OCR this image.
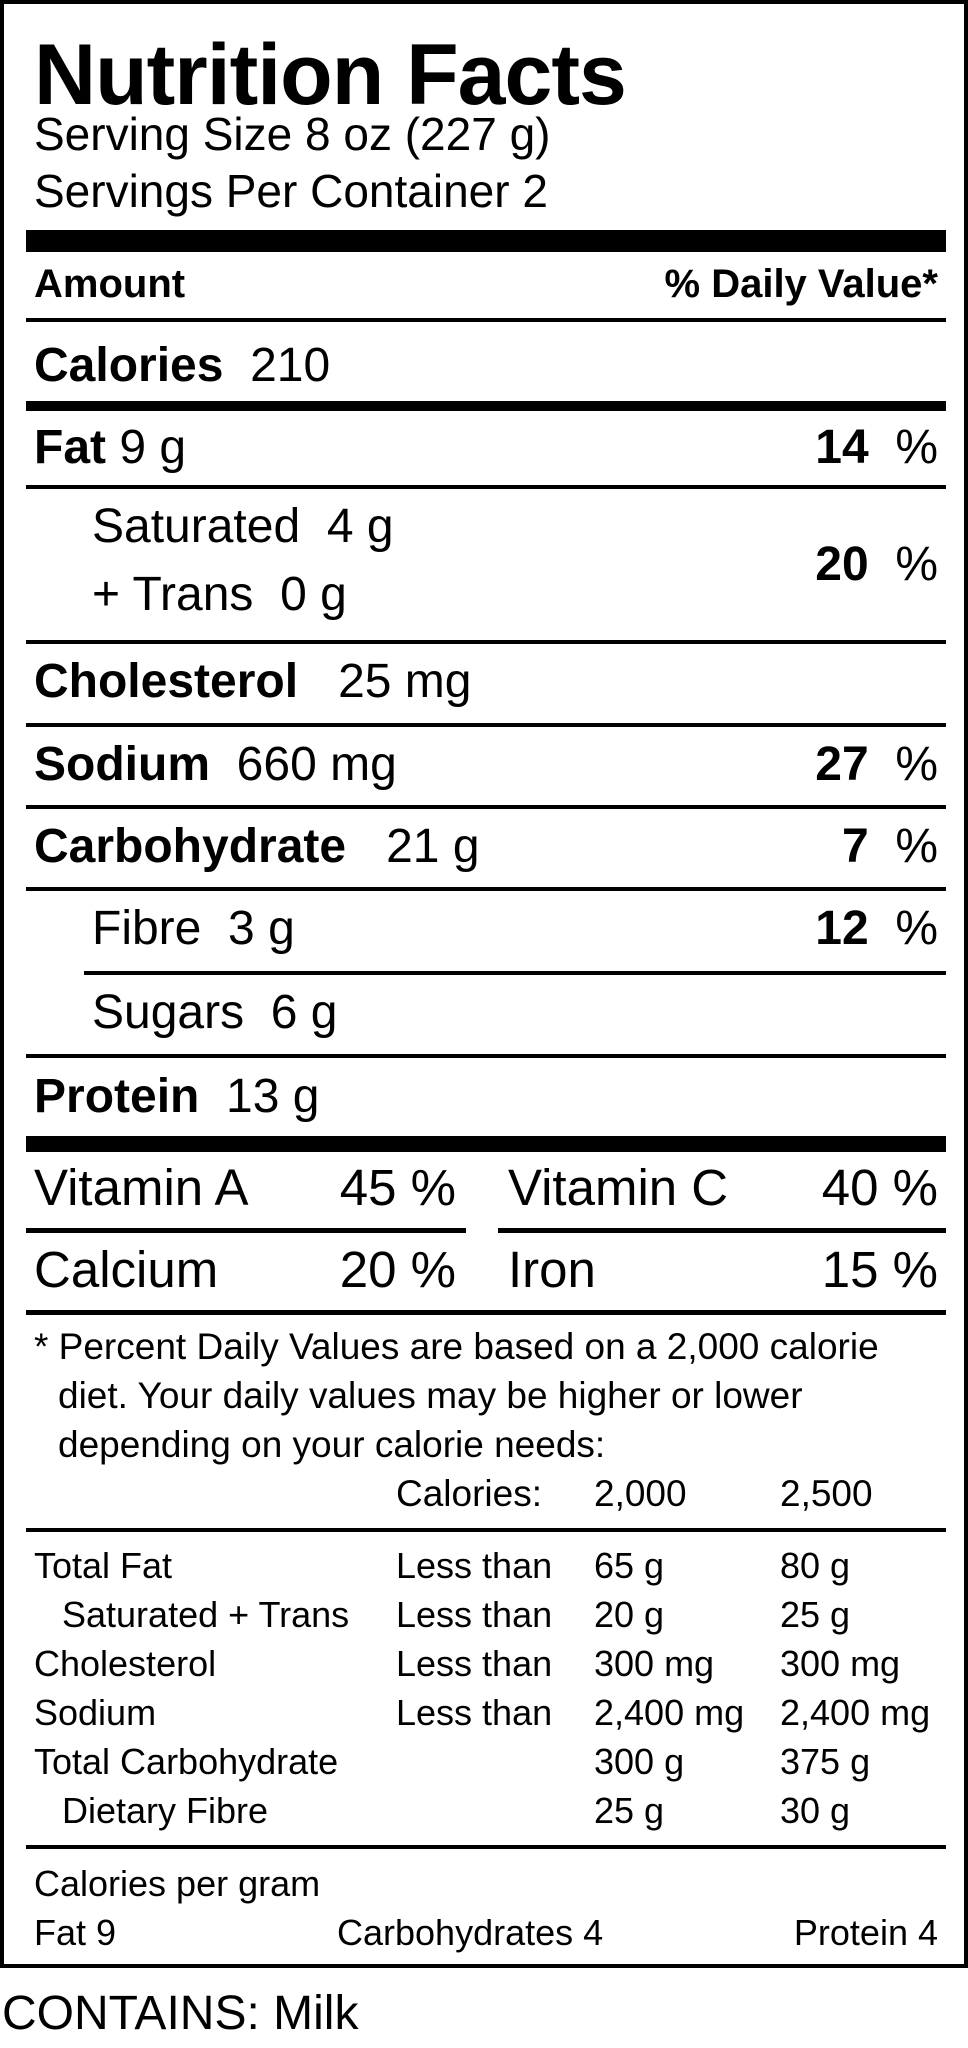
Nutrition Facts
Serving Size 8 oz (227 g)
Servings Per Container 2
Amount	% Daily Value*
Calories 210
Fat 9 g	14 %
Saturated 4 g
+ Trans 0 g
20 %
Cholesterol 25 mg
Sodium 660 mg	27 %
Carbohydrate 21 g	7 %
Fibre 3 g	12 %
Sugars 6 g
Protein 13 g
Vitamin A	45 % Vitamin C 40 %
Calcium	20 % Iron	15 %
* Percent Daily Values are based on a 2,000 calorie
diet. Your daily values may be higher or lower
depending on your calorie needs:
Calories: 2,000	2,500
Total Fat	Less than 65 g	80 g
Saturated + Trans Less than 20 g	25 g
Cholesterol	Less than 300 mg 300 mg
Sodium	Less than 2,400 mg 2,400 mg
Total Carbohydrate	300 g	375 g
Dietary Fibre	25 g	30 g
Calories per gram
Fat 9	Carbohydrates 4	Protein 4
CONTAINS: Milk
